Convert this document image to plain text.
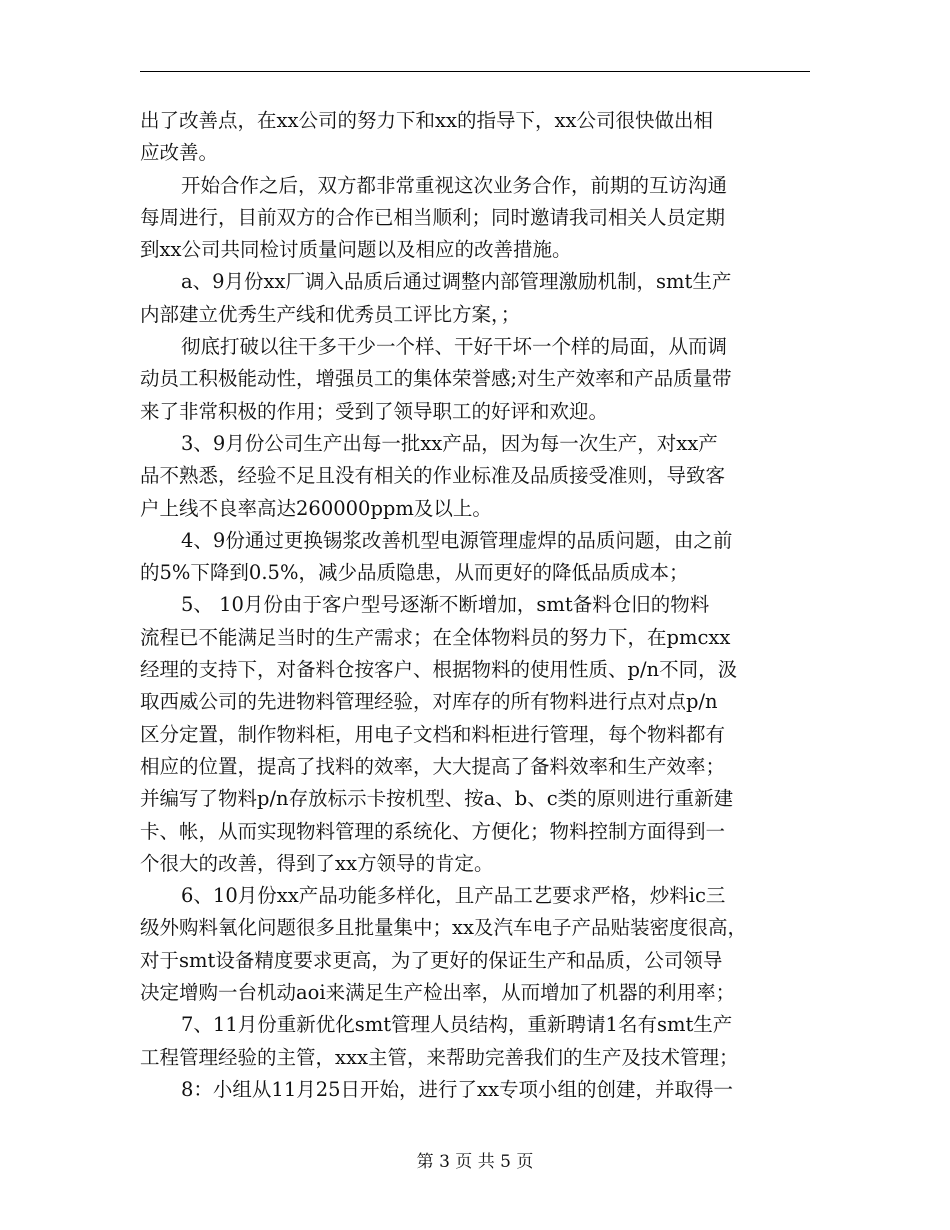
出了改善点，在xx公司的努力下和xx的指导下，xx公司很快做出相
应改善。
开始合作之后，双方都非常重视这次业务合作，前期的互访沟通
每周进行，目前双方的合作已相当顺利；同时邀请我司相关人员定期
到xx公司共同检讨质量问题以及相应的改善措施。
a、9月份xx厂调入品质后通过调整内部管理激励机制，smt生产
内部建立优秀生产线和优秀员工评比方案，；
彻底打破以往干多干少一个样、干好干坏一个样的局面，从而调
动员工积极能动性，增强员工的集体荣誉感;对生产效率和产品质量带
来了非常积极的作用；受到了领导职工的好评和欢迎。
3、9月份公司生产出每一批xx产品，因为每一次生产，对xx产
品不熟悉，经验不足且没有相关的作业标准及品质接受准则，导致客
户上线不良率高达260000ppm及以上。
4、9份通过更换锡浆改善机型电源管理虚焊的品质问题，由之前
的5%下降到0.5%，减少品质隐患，从而更好的降低品质成本；
5、 10月份由于客户型号逐渐不断增加，smt备料仓旧的物料
流程已不能满足当时的生产需求；在全体物料员的努力下，在pmcxx
经理的支持下，对备料仓按客户、根据物料的使用性质、p/n不同，汲
取西威公司的先进物料管理经验，对库存的所有物料进行点对点p/n
区分定置，制作物料柜，用电子文档和料柜进行管理，每个物料都有
相应的位置，提高了找料的效率，大大提高了备料效率和生产效率；
并编写了物料p/n存放标示卡按机型、按a、b、c类的原则进行重新建
卡、帐，从而实现物料管理的系统化、方便化；物料控制方面得到一
个很大的改善，得到了xx方领导的肯定。
6、10月份xx产品功能多样化，且产品工艺要求严格，炒料ic三
级外购料氧化问题很多且批量集中；xx及汽车电子产品贴装密度很高，
对于smt设备精度要求更高，为了更好的保证生产和品质，公司领导
决定增购一台机动aoi来满足生产检出率，从而增加了机器的利用率；
7、11月份重新优化smt管理人员结构，重新聘请1名有smt生产
工程管理经验的主管，xxx主管，来帮助完善我们的生产及技术管理；
8：小组从11月25日开始，进行了xx专项小组的创建，并取得一
第 3 页 共 5 页
